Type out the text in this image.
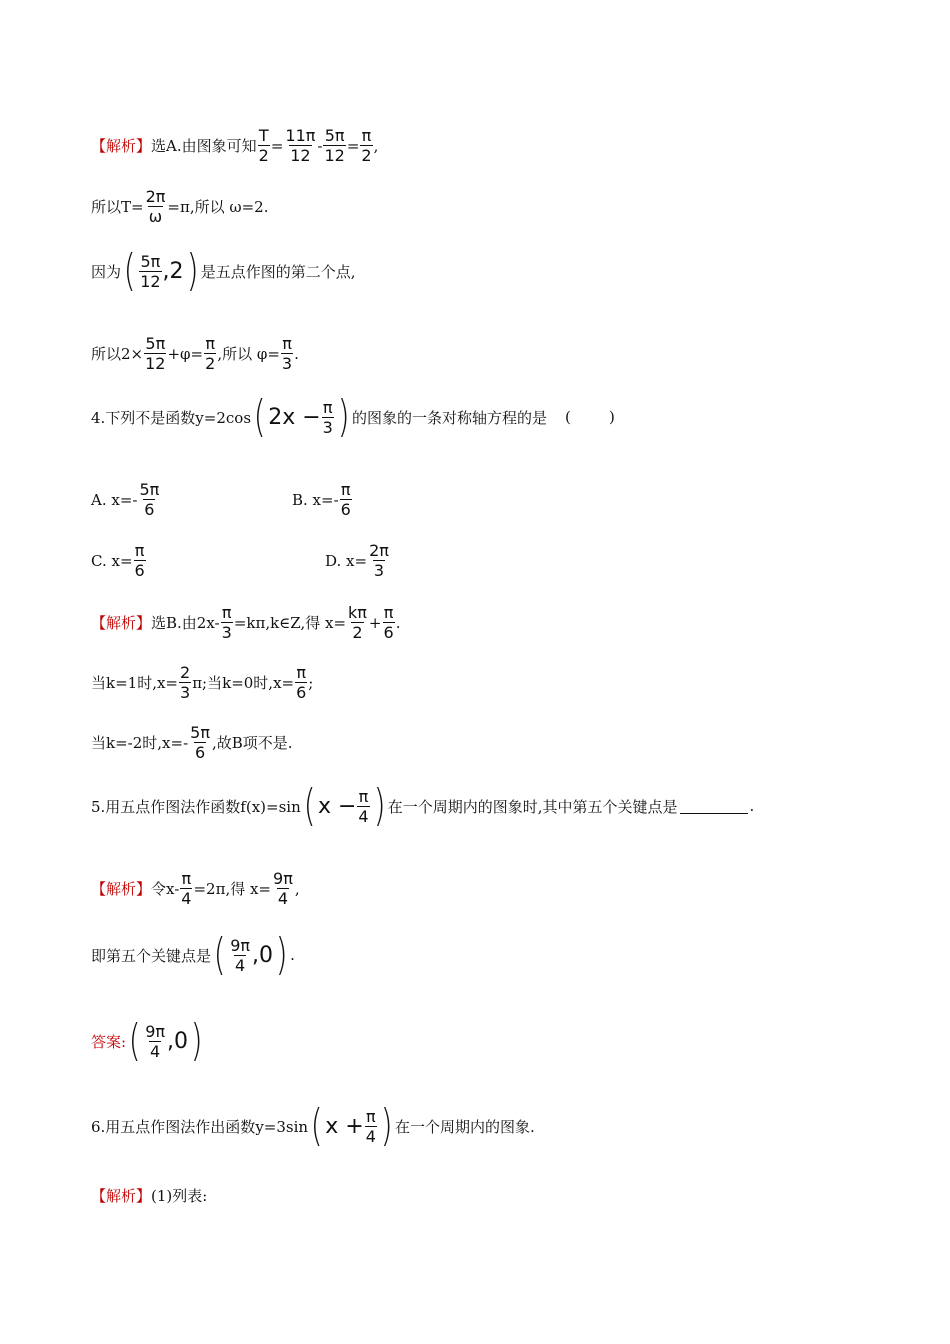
【解析】 选A.由图象可知 $\frac{T}{2} = \frac{11\pi}{12} - \frac{5\pi}{12} = \frac{\pi}{2}$ ,
所以$T= \frac{2\pi}{\omega} =\pi$,所以 ω=2.
因为 ( $\frac{5\pi}{12} ,2$ ) 是五点作图的第二个点,
所以$2\times \frac{5\pi}{12} +\varphi= \frac{\pi}{2}$ ,所以 $\varphi= \frac{\pi}{3}$ .
4.下列不是函数y=2cos ( $2x - \frac{\pi}{3}$ ) 的图象的一条对称轴方程的是 (        )
A. $x=- \frac{5\pi}{6}$	B. $x=- \frac{\pi}{6}$
C. $x= \frac{\pi}{6}$	D. $x= \frac{2\pi}{3}$
【解析】 选B.由$2x- \frac{\pi}{3}$ =kπ,k∈Z,得 $x= \frac{k\pi}{2} + \frac{\pi}{6}$ .
当k=1时$,x= \frac{2}{3} \pi$;当k=0时$,x= \frac{\pi}{6}$ ;
当k=-2时$,x=- \frac{5\pi}{6}$ ,故B项不是.
5.用五点作图法作函数f(x)=sin ( $x - \frac{\pi}{4}$ ) 在一个周期内的图象时,其中第五个关键点是	.
【解析】 令$x- \frac{\pi}{4} =2\pi$,得 $x= \frac{9\pi}{4}$ ,
即第五个关键点是 ( $\frac{9\pi}{4} ,0$ ) .
答案: ( $\frac{9\pi}{4} ,0$ )
6.用五点作图法作出函数y=3sin ( $x + \frac{\pi}{4}$ ) 在一个周期内的图象.
【解析】 (1)列表:
